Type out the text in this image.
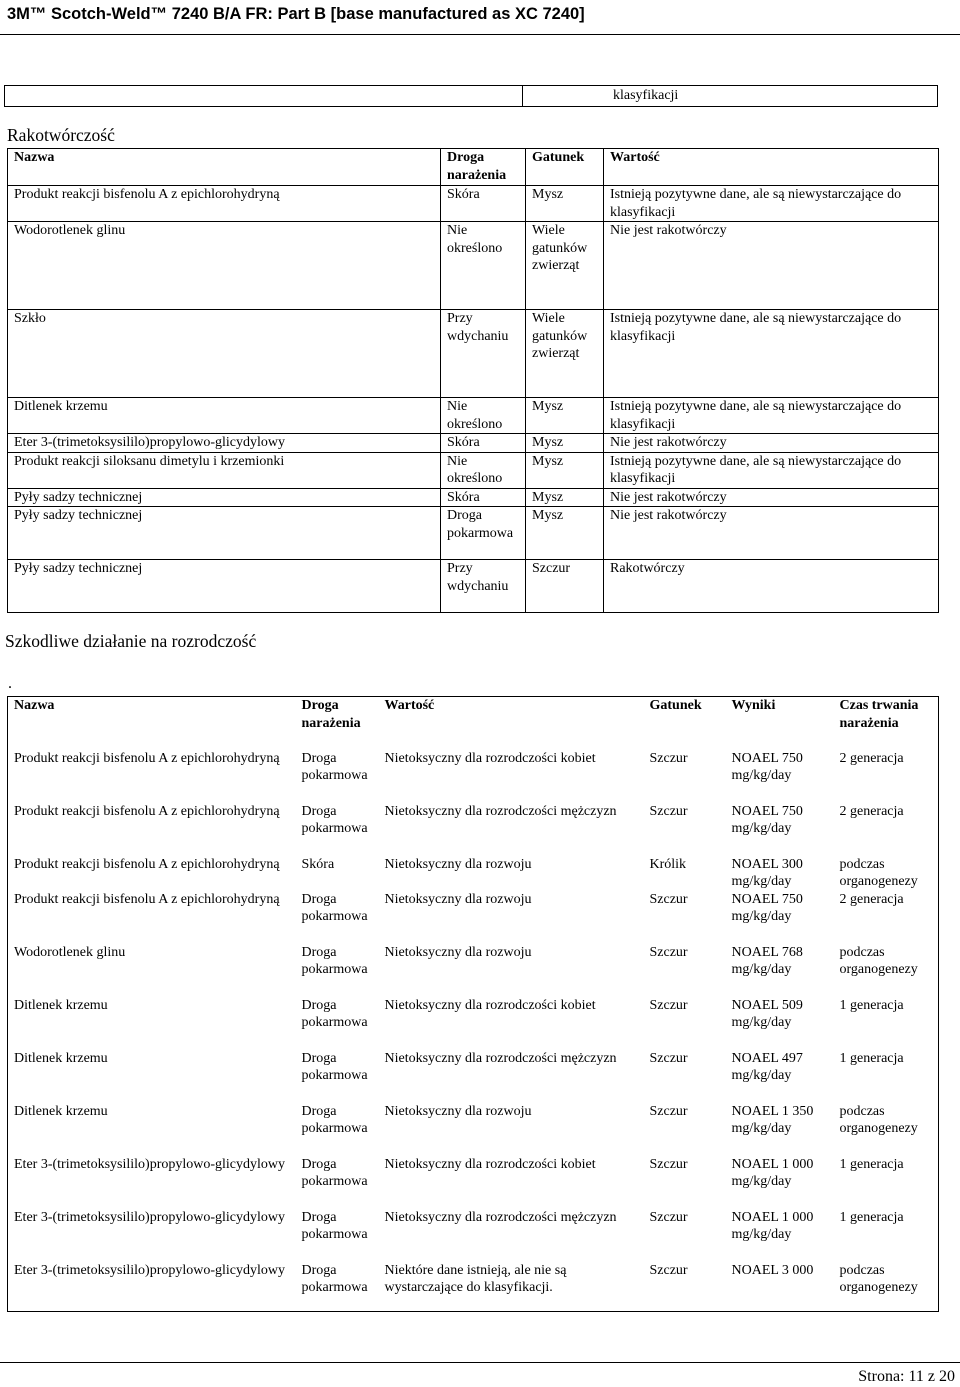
3M™ Scotch-Weld™ 7240 B/A FR: Part B [base manufactured as XC 7240]
	klasyfikacji
Rakotwórczość
Nazwa	Droga narażenia	Gatunek	Wartość
Produkt reakcji bisfenolu A z epichlorohydryną	Skóra	Mysz	Istnieją pozytywne dane, ale są niewystarczające do klasyfikacji
Wodorotlenek glinu	Nie określono	Wiele gatunków zwierząt	Nie jest rakotwórczy
Szkło	Przy wdychaniu	Wiele gatunków zwierząt	Istnieją pozytywne dane, ale są niewystarczające do klasyfikacji
Ditlenek krzemu	Nie określono	Mysz	Istnieją pozytywne dane, ale są niewystarczające do klasyfikacji
Eter 3-(trimetoksysililo)propylowo-glicydylowy	Skóra	Mysz	Nie jest rakotwórczy
Produkt reakcji siloksanu dimetylu i krzemionki	Nie określono	Mysz	Istnieją pozytywne dane, ale są niewystarczające do klasyfikacji
Pyły sadzy technicznej	Skóra	Mysz	Nie jest rakotwórczy
Pyły sadzy technicznej	Droga pokarmowa	Mysz	Nie jest rakotwórczy
Pyły sadzy technicznej	Przy wdychaniu	Szczur	Rakotwórczy
Szkodliwe działanie na rozrodczość
.
Nazwa	Droga narażenia	Wartość	Gatunek	Wyniki	Czas trwania narażenia
Produkt reakcji bisfenolu A z epichlorohydryną	Droga pokarmowa	Nietoksyczny dla rozrodczości kobiet	Szczur	NOAEL 750 mg/kg/day	2 generacja
Produkt reakcji bisfenolu A z epichlorohydryną	Droga pokarmowa	Nietoksyczny dla rozrodczości mężczyzn	Szczur	NOAEL 750 mg/kg/day	2 generacja
Produkt reakcji bisfenolu A z epichlorohydryną	Skóra	Nietoksyczny dla rozwoju	Królik	NOAEL 300 mg/kg/day	podczas organogenezy
Produkt reakcji bisfenolu A z epichlorohydryną	Droga pokarmowa	Nietoksyczny dla rozwoju	Szczur	NOAEL 750 mg/kg/day	2 generacja
Wodorotlenek glinu	Droga pokarmowa	Nietoksyczny dla rozwoju	Szczur	NOAEL 768 mg/kg/day	podczas organogenezy
Ditlenek krzemu	Droga pokarmowa	Nietoksyczny dla rozrodczości kobiet	Szczur	NOAEL 509 mg/kg/day	1 generacja
Ditlenek krzemu	Droga pokarmowa	Nietoksyczny dla rozrodczości mężczyzn	Szczur	NOAEL 497 mg/kg/day	1 generacja
Ditlenek krzemu	Droga pokarmowa	Nietoksyczny dla rozwoju	Szczur	NOAEL 1 350 mg/kg/day	podczas organogenezy
Eter 3-(trimetoksysililo)propylowo-glicydylowy	Droga pokarmowa	Nietoksyczny dla rozrodczości kobiet	Szczur	NOAEL 1 000 mg/kg/day	1 generacja
Eter 3-(trimetoksysililo)propylowo-glicydylowy	Droga pokarmowa	Nietoksyczny dla rozrodczości mężczyzn	Szczur	NOAEL 1 000 mg/kg/day	1 generacja
Eter 3-(trimetoksysililo)propylowo-glicydylowy	Droga pokarmowa	Niektóre dane istnieją, ale nie są wystarczające do klasyfikacji.	Szczur	NOAEL 3 000	podczas organogenezy
Strona: 11 z 20
